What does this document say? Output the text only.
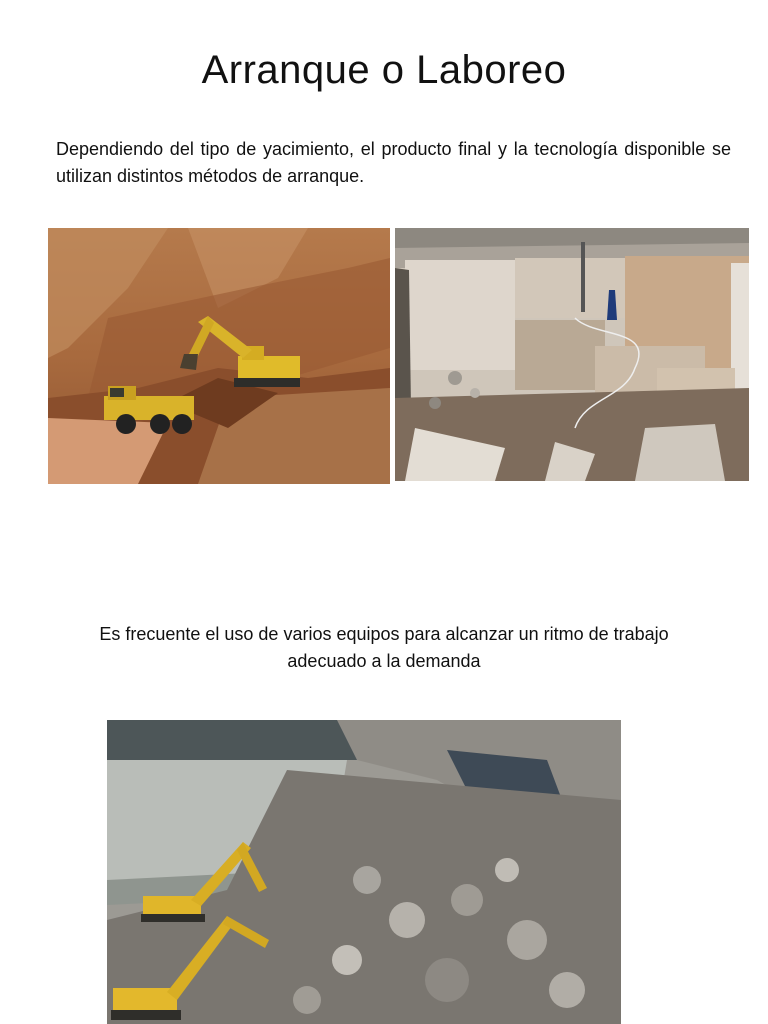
Arranque o Laboreo

Dependiendo del tipo de yacimiento, el producto final y la tecnología disponible se utilizan distintos métodos de arranque.

Es frecuente el uso de varios equipos para alcanzar un ritmo de trabajo
adecuado a la demanda
